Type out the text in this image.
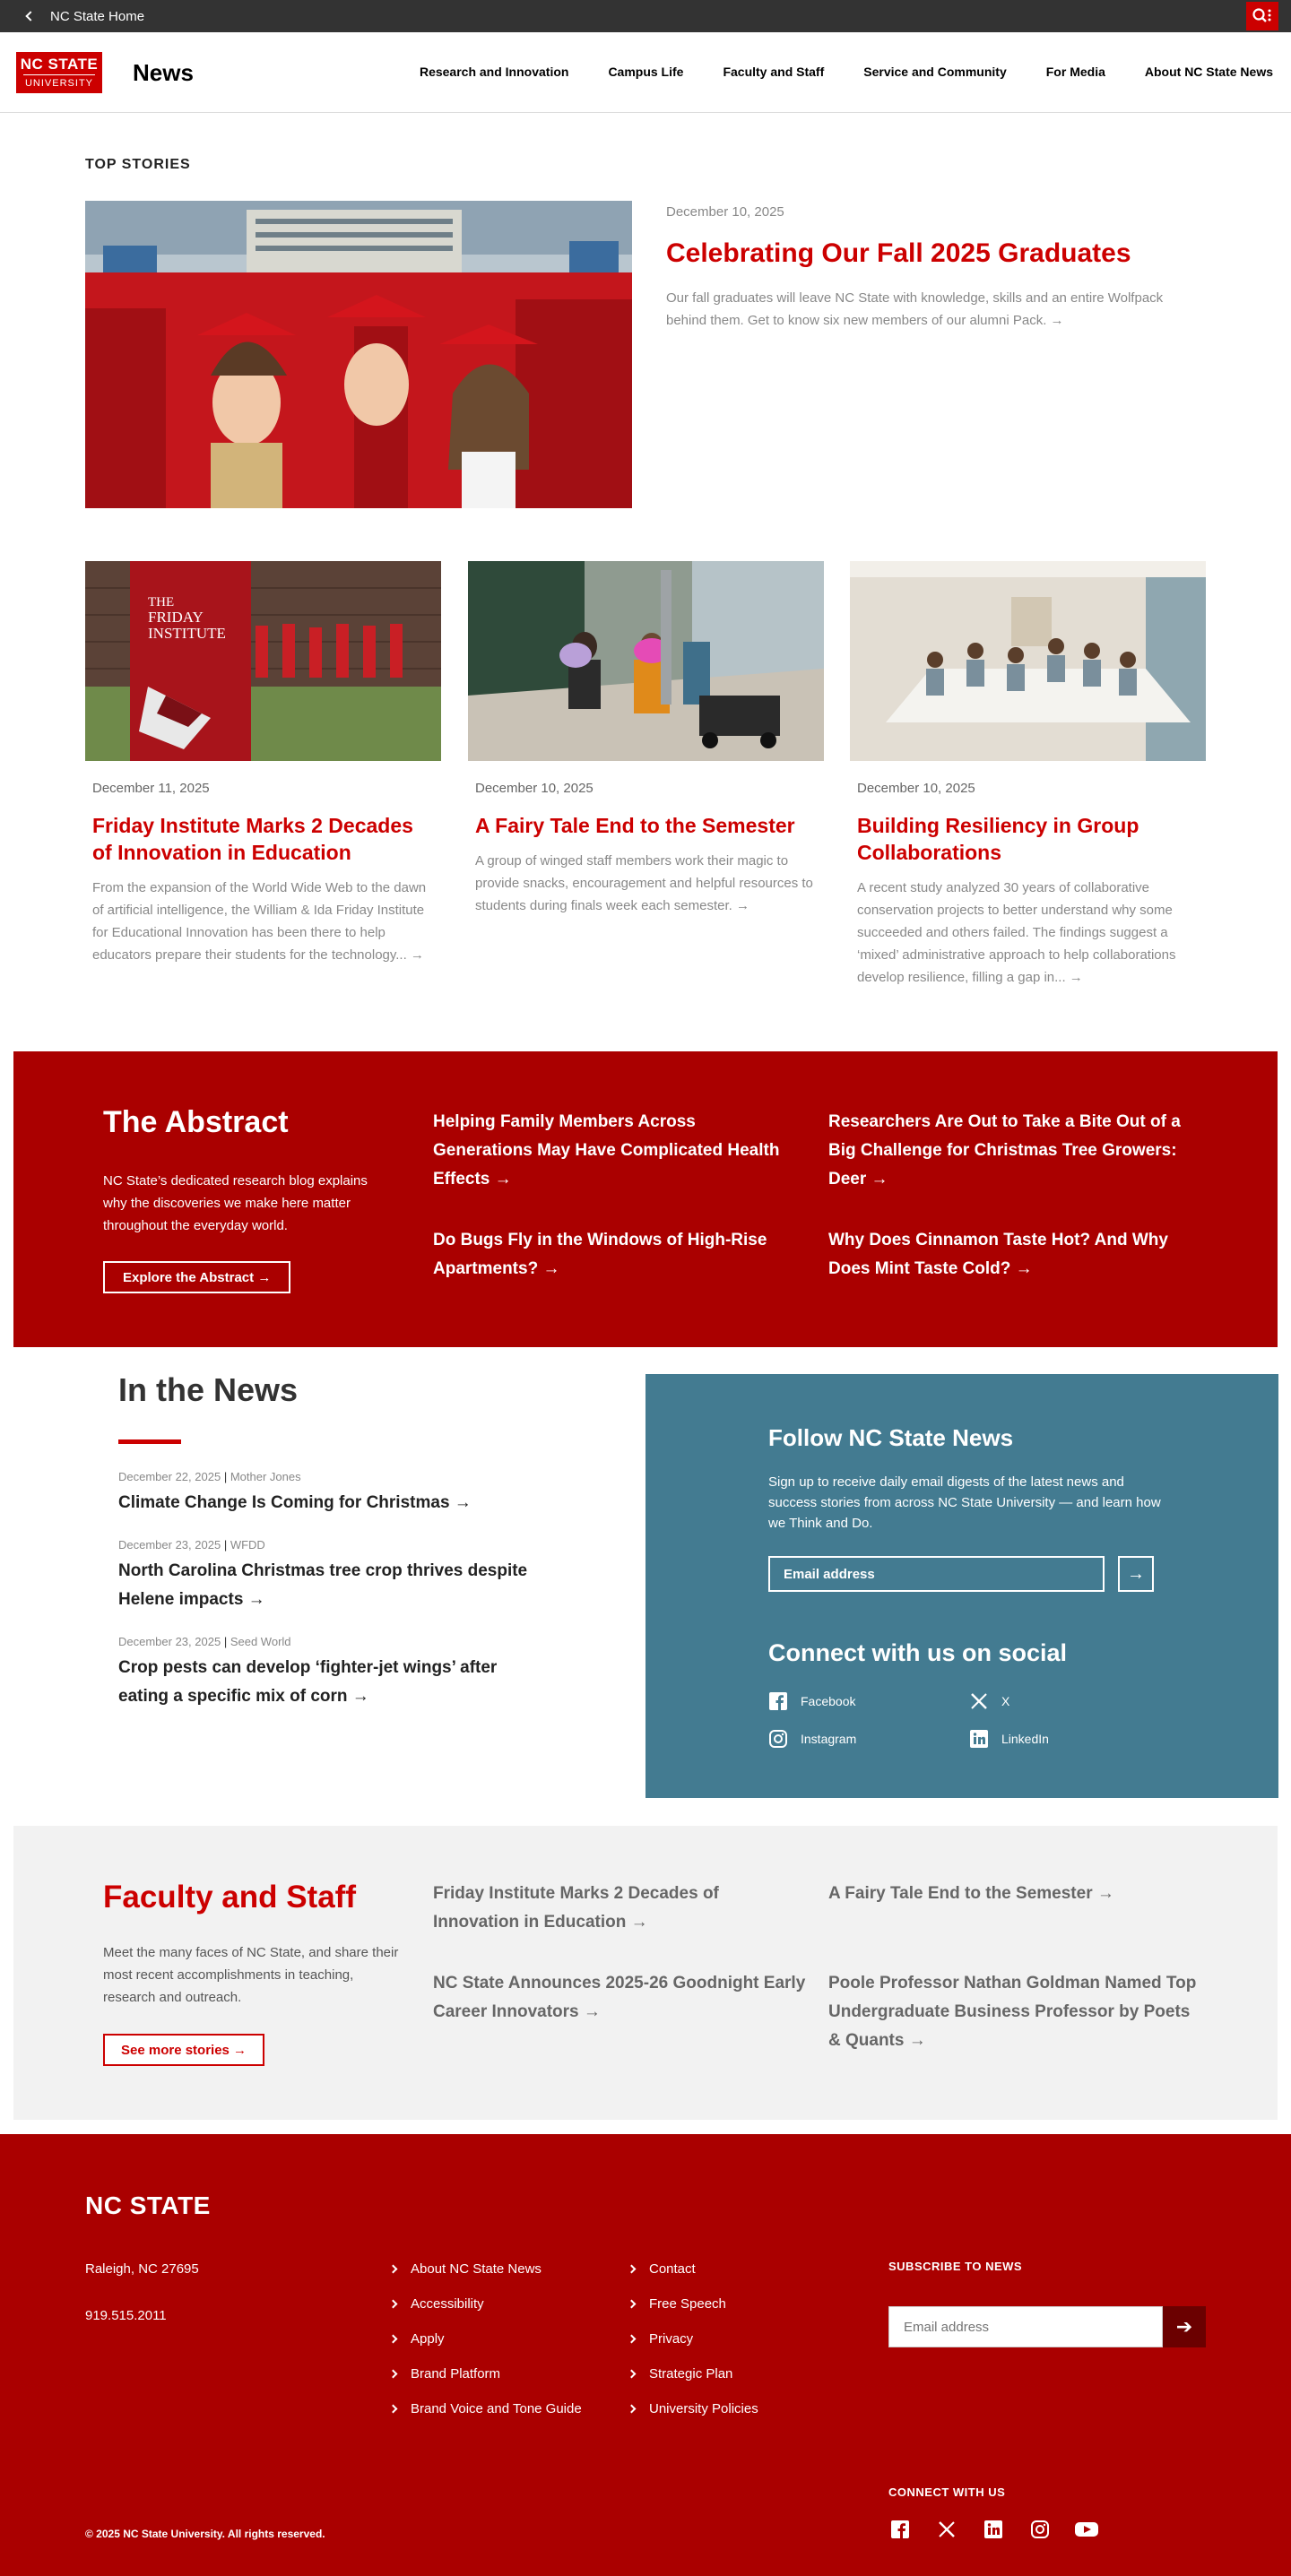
NC State Home
NC STATE
UNIVERSITY News	Research and Innovation	Campus Life	Faculty and Staff	Service and Community	For Media	About NC State News
TOP STORIES
December 10, 2025
Celebrating Our Fall 2025 Graduates
Our fall graduates will leave NC State with knowledge, skills and an entire Wolfpack behind them. Get to know six new members of our alumni Pack. →
THE
FRIDAY
INSTITUTE
December 11, 2025
Friday Institute Marks 2 Decades of Innovation in Education
From the expansion of the World Wide Web to the dawn of artificial intelligence, the William & Ida Friday Institute for Educational Innovation has been there to help educators prepare their students for the technology... →
December 10, 2025
A Fairy Tale End to the Semester
A group of winged staff members work their magic to provide snacks, encouragement and helpful resources to students during finals week each semester. →
December 10, 2025
Building Resiliency in Group Collaborations
A recent study analyzed 30 years of collaborative conservation projects to better understand why some succeeded and others failed. The findings suggest a ‘mixed’ administrative approach to help collaborations develop resilience, filling a gap in... →
The Abstract
NC State’s dedicated research blog explains why the discoveries we make here matter throughout the everyday world.
Explore the Abstract →
Helping Family Members Across Generations May Have Complicated Health Effects →
Researchers Are Out to Take a Bite Out of a Big Challenge for Christmas Tree Growers: Deer →
Do Bugs Fly in the Windows of High-Rise Apartments? →
Why Does Cinnamon Taste Hot? And Why Does Mint Taste Cold? →
In the News
December 22, 2025 | Mother Jones
Climate Change Is Coming for Christmas →
December 23, 2025 | WFDD
North Carolina Christmas tree crop thrives despite Helene impacts →
December 23, 2025 | Seed World
Crop pests can develop ‘fighter-jet wings’ after eating a specific mix of corn →
Follow NC State News
Sign up to receive daily email digests of the latest news and success stories from across NC State University — and learn how we Think and Do.
Email address
→
Connect with us on social
Facebook	X
Instagram	LinkedIn
Faculty and Staff
Meet the many faces of NC State, and share their most recent accomplishments in teaching, research and outreach.
See more stories →
Friday Institute Marks 2 Decades of Innovation in Education →
A Fairy Tale End to the Semester →
NC State Announces 2025-26 Goodnight Early Career Innovators →
Poole Professor Nathan Goldman Named Top Undergraduate Business Professor by Poets & Quants →
NC STATE
Raleigh, NC 27695
919.515.2011
About NC State News
Accessibility
Apply
Brand Platform
Brand Voice and Tone Guide
Contact
Free Speech
Privacy
Strategic Plan
University Policies
SUBSCRIBE TO NEWS
Email address
➔
CONNECT WITH US
© 2025 NC State University. All rights reserved.
